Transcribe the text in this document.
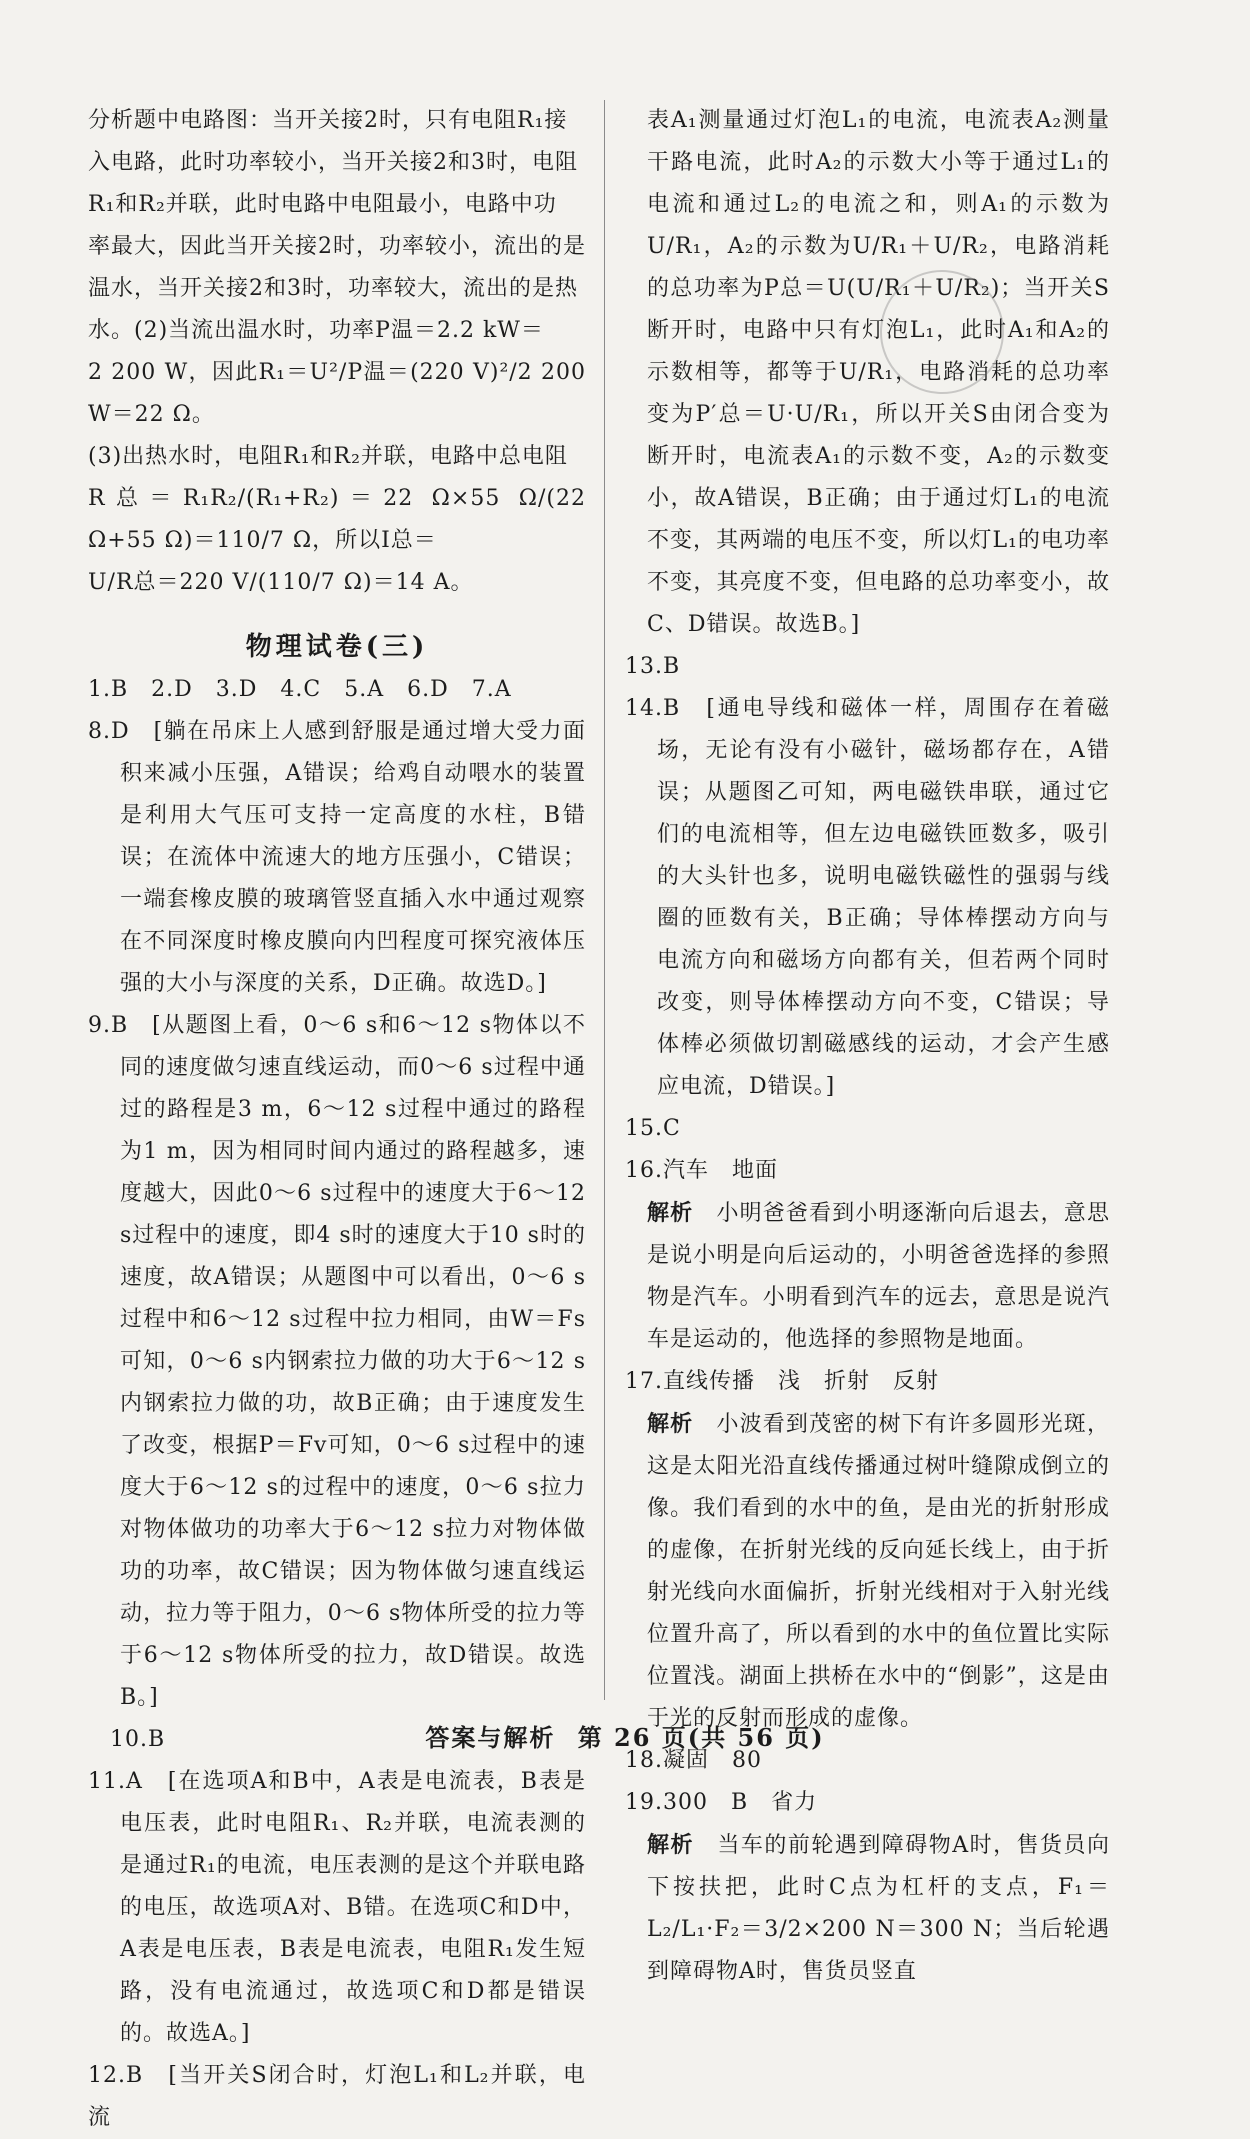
分析题中电路图：当开关接2时，只有电阻R₁接

入电路，此时功率较小，当开关接2和3时，电阻

R₁和R₂并联，此时电路中电阻最小，电路中功

率最大，因此当开关接2时，功率较小，流出的是

温水，当开关接2和3时，功率较大，流出的是热

水。(2)当流出温水时，功率P温＝2.2 kW＝

2 200 W，因此R₁＝U²/P温＝(220 V)²/2 200 W＝22 Ω。

(3)出热水时，电阻R₁和R₂并联，电路中总电阻

R总＝R₁R₂/(R₁+R₂)＝22 Ω×55 Ω/(22 Ω+55 Ω)＝110/7 Ω，所以I总＝

U/R总＝220 V/(110/7 Ω)＝14 A。

物理试卷(三)

1.B　2.D　3.D　4.C　5.A　6.D　7.A

8.D　[躺在吊床上人感到舒服是通过增大受力面积来减小压强，A错误；给鸡自动喂水的装置是利用大气压可支持一定高度的水柱，B错误；在流体中流速大的地方压强小，C错误；一端套橡皮膜的玻璃管竖直插入水中通过观察在不同深度时橡皮膜向内凹程度可探究液体压强的大小与深度的关系，D正确。故选D。]

9.B　[从题图上看，0～6 s和6～12 s物体以不同的速度做匀速直线运动，而0～6 s过程中通过的路程是3 m，6～12 s过程中通过的路程为1 m，因为相同时间内通过的路程越多，速度越大，因此0～6 s过程中的速度大于6～12 s过程中的速度，即4 s时的速度大于10 s时的速度，故A错误；从题图中可以看出，0～6 s过程中和6～12 s过程中拉力相同，由W＝Fs可知，0～6 s内钢索拉力做的功大于6～12 s内钢索拉力做的功，故B正确；由于速度发生了改变，根据P＝Fv可知，0～6 s过程中的速度大于6～12 s的过程中的速度，0～6 s拉力对物体做功的功率大于6～12 s拉力对物体做功的功率，故C错误；因为物体做匀速直线运动，拉力等于阻力，0～6 s物体所受的拉力等于6～12 s物体所受的拉力，故D错误。故选B。]

10.B

11.A　[在选项A和B中，A表是电流表，B表是电压表，此时电阻R₁、R₂并联，电流表测的是通过R₁的电流，电压表测的是这个并联电路的电压，故选项A对、B错。在选项C和D中，A表是电压表，B表是电流表，电阻R₁发生短路，没有电流通过，故选项C和D都是错误的。故选A。]

12.B　[当开关S闭合时，灯泡L₁和L₂并联，电流

表A₁测量通过灯泡L₁的电流，电流表A₂测量干路电流，此时A₂的示数大小等于通过L₁的电流和通过L₂的电流之和，则A₁的示数为U/R₁，A₂的示数为U/R₁＋U/R₂，电路消耗的总功率为P总＝U(U/R₁＋U/R₂)；当开关S断开时，电路中只有灯泡L₁，此时A₁和A₂的示数相等，都等于U/R₁，电路消耗的总功率变为P′总＝U·U/R₁，所以开关S由闭合变为断开时，电流表A₁的示数不变，A₂的示数变小，故A错误，B正确；由于通过灯L₁的电流不变，其两端的电压不变，所以灯L₁的电功率不变，其亮度不变，但电路的总功率变小，故C、D错误。故选B。]

13.B

14.B　[通电导线和磁体一样，周围存在着磁场，无论有没有小磁针，磁场都存在，A错误；从题图乙可知，两电磁铁串联，通过它们的电流相等，但左边电磁铁匝数多，吸引的大头针也多，说明电磁铁磁性的强弱与线圈的匝数有关，B正确；导体棒摆动方向与电流方向和磁场方向都有关，但若两个同时改变，则导体棒摆动方向不变，C错误；导体棒必须做切割磁感线的运动，才会产生感应电流，D错误。]

15.C

16.汽车　地面

解析　 小明爸爸看到小明逐渐向后退去，意思是说小明是向后运动的，小明爸爸选择的参照物是汽车。小明看到汽车的远去，意思是说汽车是运动的，他选择的参照物是地面。

17.直线传播　浅　折射　反射

解析　 小波看到茂密的树下有许多圆形光斑，这是太阳光沿直线传播通过树叶缝隙成倒立的像。我们看到的水中的鱼，是由光的折射形成的虚像，在折射光线的反向延长线上，由于折射光线向水面偏折，折射光线相对于入射光线位置升高了，所以看到的水中的鱼位置比实际位置浅。湖面上拱桥在水中的“倒影”，这是由于光的反射而形成的虚像。

18.凝固　80

19.300　B　省力

解析　 当车的前轮遇到障碍物A时，售货员向下按扶把，此时C点为杠杆的支点，F₁＝L₂/L₁·F₂＝3/2×200 N＝300 N；当后轮遇到障碍物A时，售货员竖直

答案与解析 第 26 页(共 56 页)
